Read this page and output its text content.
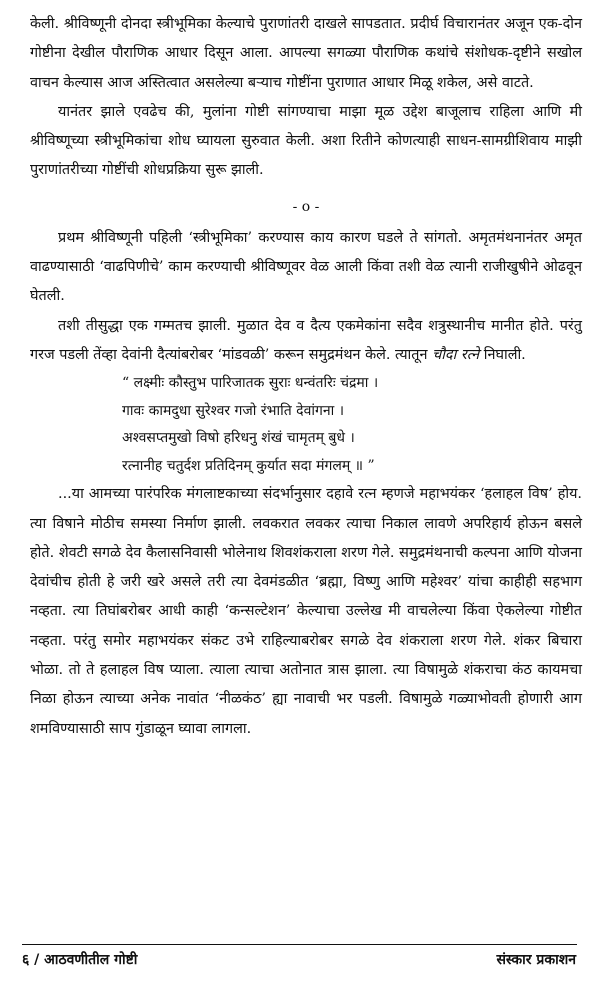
केली. श्रीविष्णूनी दोनदा स्त्रीभूमिका केल्याचे पुराणांतरी दाखले सापडतात. प्रदीर्घ विचारानंतर अजून एक-दोन गोष्टीना देखील पौराणिक आधार दिसून आला. आपल्या सगळ्या पौराणिक कथांचे संशोधक-दृष्टीने सखोल वाचन केल्यास आज अस्तित्वात असलेल्या बऱ्याच गोष्टींना पुराणात आधार मिळू शकेल, असे वाटते.

यानंतर झाले एवढेच की, मुलांना गोष्टी सांगण्याचा माझा मूळ उद्देश बाजूलाच राहिला आणि मी श्रीविष्णूच्या स्त्रीभूमिकांचा शोध घ्यायला सुरुवात केली. अशा रितीने कोणत्याही साधन-सामग्रीशिवाय माझी पुराणांतरीच्या गोष्टींची शोधप्रक्रिया सुरू झाली.

- o -

प्रथम श्रीविष्णूनी पहिली ‘स्त्रीभूमिका’ करण्यास काय कारण घडले ते सांगतो. अमृतमंथनानंतर अमृत वाढण्यासाठी ‘वाढपिणीचे’ काम करण्याची श्रीविष्णूवर वेळ आली किंवा तशी वेळ त्यानी राजीखुषीने ओढवून घेतली.

तशी तीसुद्धा एक गम्मतच झाली. मुळात देव व दैत्य एकमेकांना सदैव शत्रुस्थानीच मानीत होते. परंतु गरज पडली तेंव्हा देवांनी दैत्यांबरोबर ‘मांडवळी’ करून समुद्रमंथन केले. त्यातून चौदा रत्ने निघाली.

“ लक्ष्मीः कौस्तुभ पारिजातक सुराः धन्वंतरिः चंद्रमा ।
गावः कामदुधा सुरेश्वर गजो रंभाति देवांगना ।
अश्वसप्तमुखो विषो हरिधनु शंखं चामृतम् बुधे ।
रत्नानीह चतुर्दश प्रतिदिनम् कुर्यात सदा मंगलम् ॥ ”

...या आमच्या पारंपरिक मंगलाष्टकाच्या संदर्भानुसार दहावे रत्न म्हणजे महाभयंकर ‘हलाहल विष’ होय. त्या विषाने मोठीच समस्या निर्माण झाली. लवकरात लवकर त्याचा निकाल लावणे अपरिहार्य होऊन बसले होते. शेवटी सगळे देव कैलासनिवासी भोलेनाथ शिवशंकराला शरण गेले. समुद्रमंथनाची कल्पना आणि योजना देवांचीच होती हे जरी खरे असले तरी त्या देवमंडळीत ‘ब्रह्मा, विष्णु आणि महेश्वर’ यांचा काहीही सहभाग नव्हता. त्या तिघांबरोबर आधी काही ‘कन्सल्टेशन’ केल्याचा उल्लेख मी वाचलेल्या किंवा ऐकलेल्या गोष्टीत नव्हता. परंतु समोर महाभयंकर संकट उभे राहिल्याबरोबर सगळे देव शंकराला शरण गेले. शंकर बिचारा भोळा. तो ते हलाहल विष प्याला. त्याला त्याचा अतोनात त्रास झाला. त्या विषामुळे शंकराचा कंठ कायमचा निळा होऊन त्याच्या अनेक नावांत ‘नीळकंठ’ ह्या नावाची भर पडली. विषामुळे गळ्याभोवती होणारी आग शमविण्यासाठी साप गुंडाळून घ्यावा लागला.

६ / आठवणीतील गोष्टी	संस्कार प्रकाशन
